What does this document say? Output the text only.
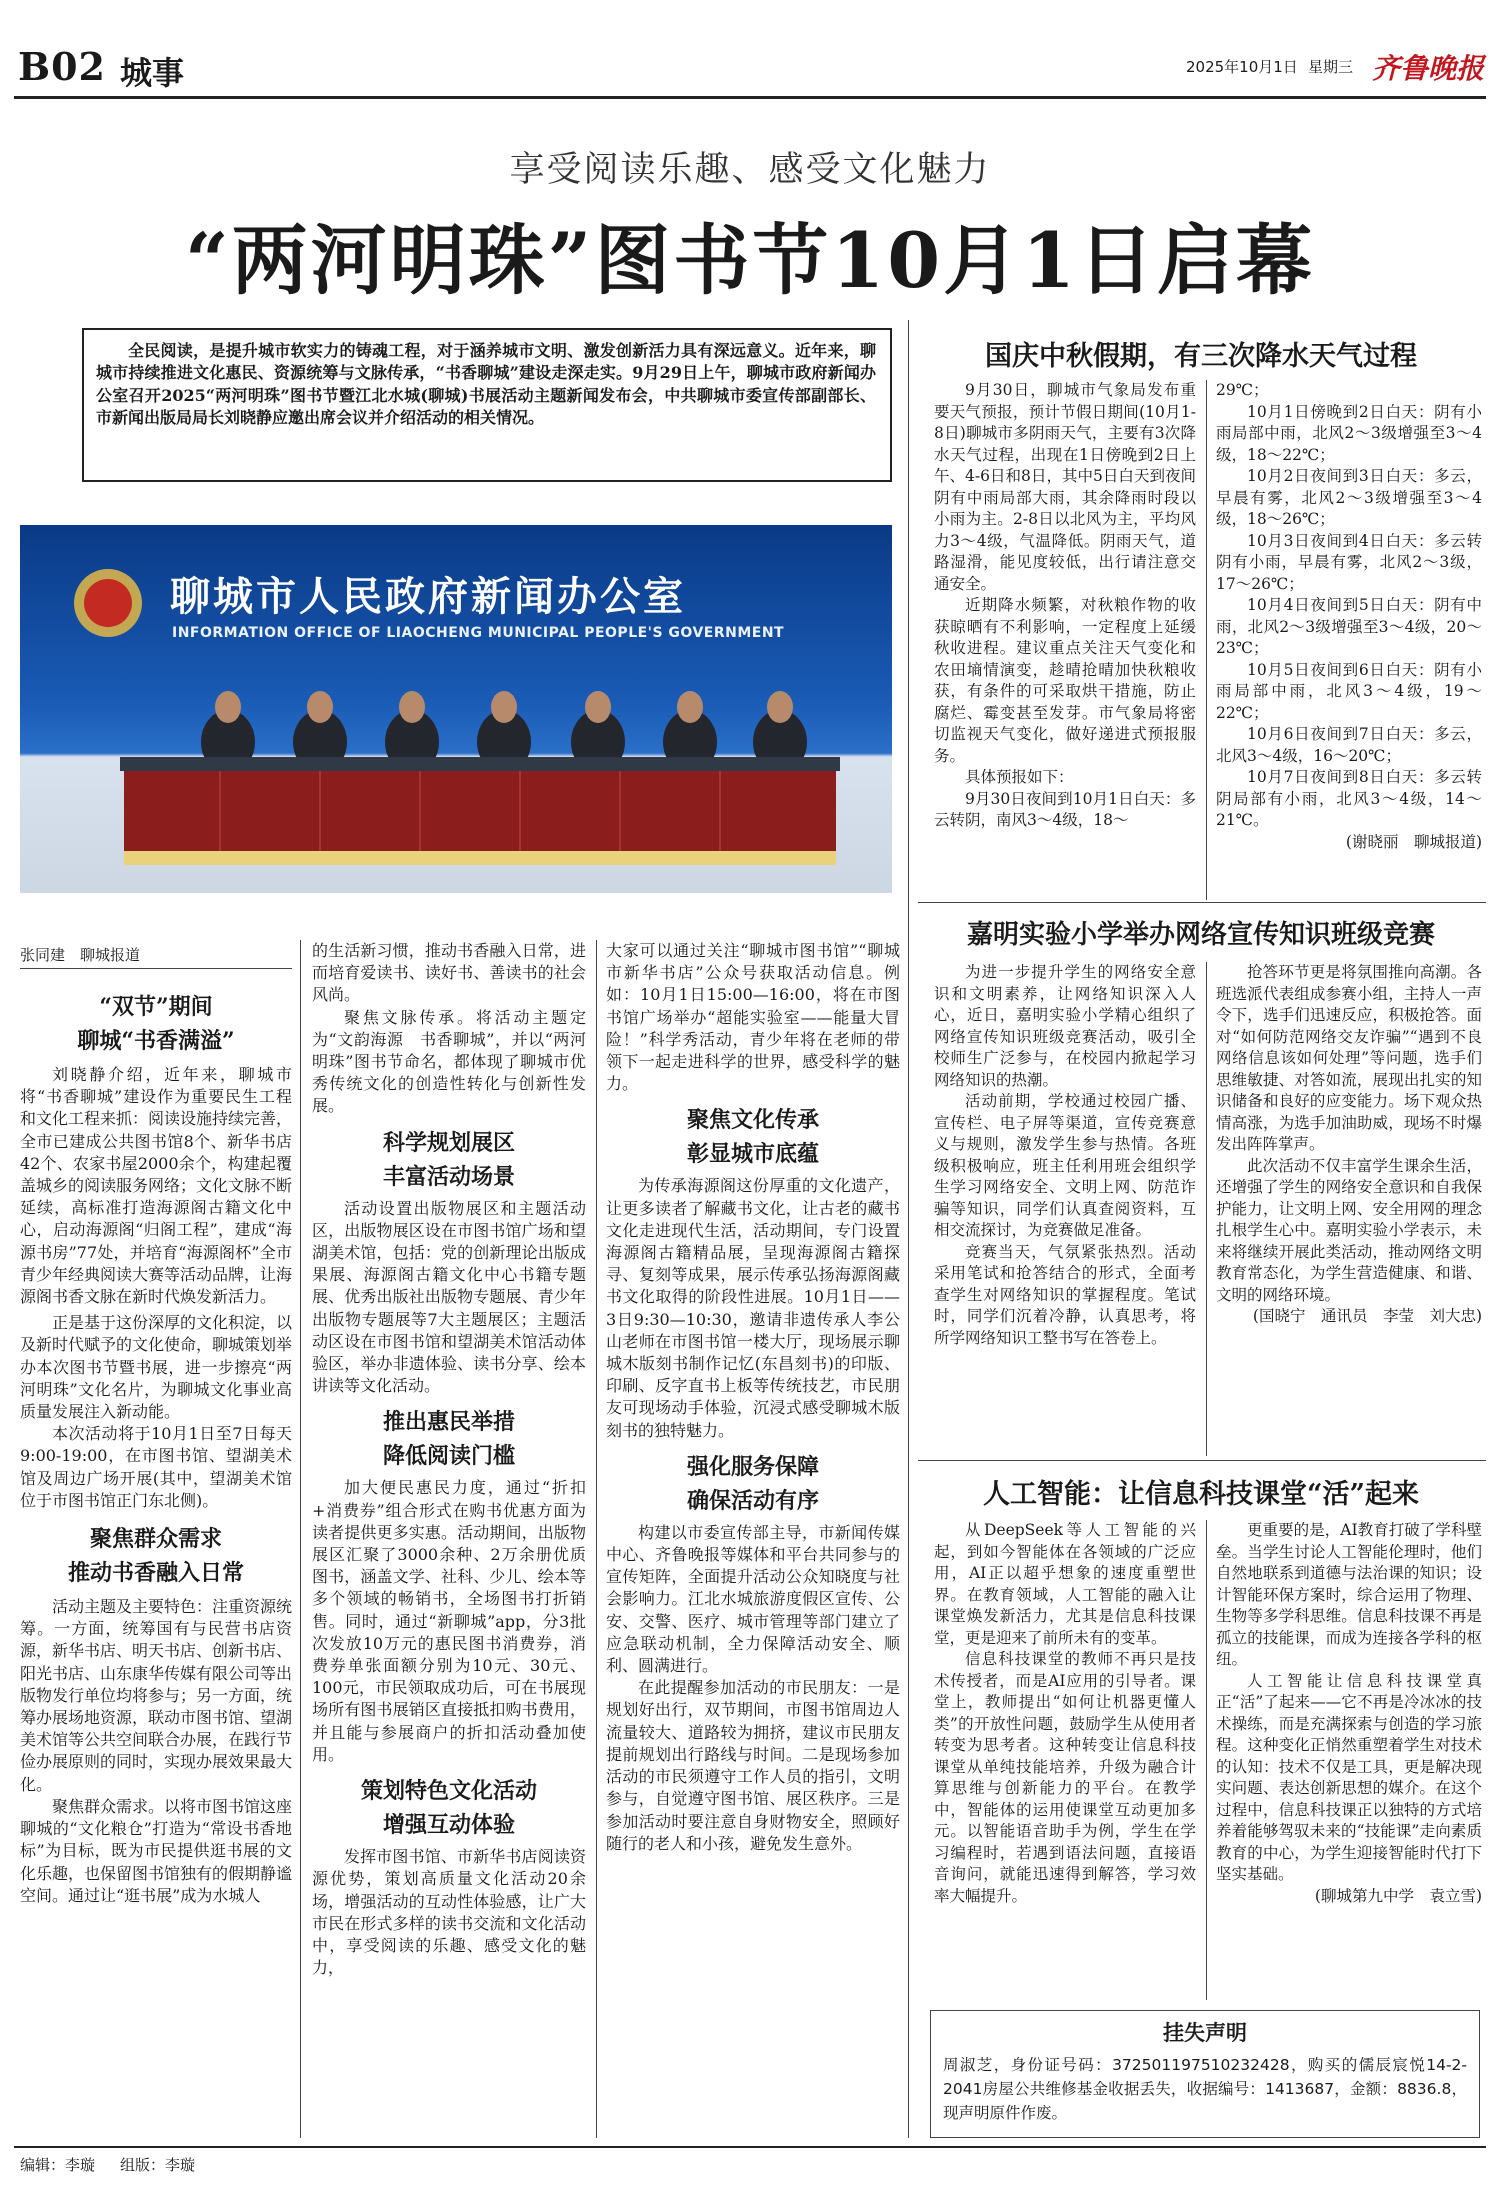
B02 城事	2025年10月1日 星期三 齐鲁晚报
享受阅读乐趣、感受文化魅力
“两河明珠”图书节10月1日启幕
全民阅读，是提升城市软实力的铸魂工程，对于涵养城市文明、激发创新活力具有深远意义。近年来，聊城市持续推进文化惠民、资源统筹与文脉传承，“书香聊城”建设走深走实。9月29日上午，聊城市政府新闻办公室召开2025“两河明珠”图书节暨江北水城(聊城)书展活动主题新闻发布会，中共聊城市委宣传部副部长、市新闻出版局局长刘晓静应邀出席会议并介绍活动的相关情况。
聊城市人民政府新闻办公室
INFORMATION OFFICE OF LIAOCHENG MUNICIPAL PEOPLE'S GOVERNMENT
张同建　聊城报道
“双节”期间
聊城“书香满溢”

刘晓静介绍，近年来，聊城市将“书香聊城”建设作为重要民生工程和文化工程来抓：阅读设施持续完善，全市已建成公共图书馆8个、新华书店42个、农家书屋2000余个，构建起覆盖城乡的阅读服务网络；文化文脉不断延续，高标准打造海源阁古籍文化中心，启动海源阁“归阁工程”，建成“海源书房”77处，并培育“海源阁杯”全市青少年经典阅读大赛等活动品牌，让海源阁书香文脉在新时代焕发新活力。

正是基于这份深厚的文化积淀，以及新时代赋予的文化使命，聊城策划举办本次图书节暨书展，进一步擦亮“两河明珠”文化名片，为聊城文化事业高质量发展注入新动能。

本次活动将于10月1日至7日每天9:00-19:00，在市图书馆、望湖美术馆及周边广场开展(其中，望湖美术馆位于市图书馆正门东北侧)。

聚焦群众需求
推动书香融入日常

活动主题及主要特色：注重资源统筹。一方面，统筹国有与民营书店资源，新华书店、明天书店、创新书店、阳光书店、山东康华传媒有限公司等出版物发行单位均将参与；另一方面，统筹办展场地资源，联动市图书馆、望湖美术馆等公共空间联合办展，在践行节俭办展原则的同时，实现办展效果最大化。

聚焦群众需求。以将市图书馆这座聊城的“文化粮仓”打造为“常设书香地标”为目标，既为市民提供逛书展的文化乐趣，也保留图书馆独有的假期静谧空间。通过让“逛书展”成为水城人

的生活新习惯，推动书香融入日常，进而培育爱读书、读好书、善读书的社会风尚。

聚焦文脉传承。将活动主题定为“文韵海源　书香聊城”，并以“两河明珠”图书节命名，都体现了聊城市优秀传统文化的创造性转化与创新性发展。

科学规划展区
丰富活动场景

活动设置出版物展区和主题活动区，出版物展区设在市图书馆广场和望湖美术馆，包括：党的创新理论出版成果展、海源阁古籍文化中心书籍专题展、优秀出版社出版物专题展、青少年出版物专题展等7大主题展区；主题活动区设在市图书馆和望湖美术馆活动体验区，举办非遗体验、读书分享、绘本讲读等文化活动。

推出惠民举措
降低阅读门槛

加大便民惠民力度，通过“折扣+消费券”组合形式在购书优惠方面为读者提供更多实惠。活动期间，出版物展区汇聚了3000余种、2万余册优质图书，涵盖文学、社科、少儿、绘本等多个领域的畅销书，全场图书打折销售。同时，通过“新聊城”app，分3批次发放10万元的惠民图书消费券，消费券单张面额分别为10元、30元、100元，市民领取成功后，可在书展现场所有图书展销区直接抵扣购书费用，并且能与参展商户的折扣活动叠加使用。

策划特色文化活动
增强互动体验

发挥市图书馆、市新华书店阅读资源优势，策划高质量文化活动20余场，增强活动的互动性体验感，让广大市民在形式多样的读书交流和文化活动中，享受阅读的乐趣、感受文化的魅力，

大家可以通过关注“聊城市图书馆”“聊城市新华书店”公众号获取活动信息。例如：10月1日15:00—16:00，将在市图书馆广场举办“超能实验室——能量大冒险！”科学秀活动，青少年将在老师的带领下一起走进科学的世界，感受科学的魅力。

聚焦文化传承
彰显城市底蕴

为传承海源阁这份厚重的文化遗产，让更多读者了解藏书文化，让古老的藏书文化走进现代生活，活动期间，专门设置海源阁古籍精品展，呈现海源阁古籍探寻、复刻等成果，展示传承弘扬海源阁藏书文化取得的阶段性进展。10月1日——3日9:30—10:30，邀请非遗传承人李公山老师在市图书馆一楼大厅，现场展示聊城木版刻书制作记忆(东昌刻书)的印版、印刷、反字直书上板等传统技艺，市民朋友可现场动手体验，沉浸式感受聊城木版刻书的独特魅力。

强化服务保障
确保活动有序

构建以市委宣传部主导，市新闻传媒中心、齐鲁晚报等媒体和平台共同参与的宣传矩阵，全面提升活动公众知晓度与社会影响力。江北水城旅游度假区宣传、公安、交警、医疗、城市管理等部门建立了应急联动机制，全力保障活动安全、顺利、圆满进行。

在此提醒参加活动的市民朋友：一是规划好出行，双节期间，市图书馆周边人流量较大、道路较为拥挤，建议市民朋友提前规划出行路线与时间。二是现场参加活动的市民须遵守工作人员的指引，文明参与，自觉遵守图书馆、展区秩序。三是参加活动时要注意自身财物安全，照顾好随行的老人和小孩，避免发生意外。

国庆中秋假期，有三次降水天气过程

9月30日，聊城市气象局发布重要天气预报，预计节假日期间(10月1-8日)聊城市多阴雨天气，主要有3次降水天气过程，出现在1日傍晚到2日上午、4-6日和8日，其中5日白天到夜间阴有中雨局部大雨，其余降雨时段以小雨为主。2-8日以北风为主，平均风力3～4级，气温降低。阴雨天气，道路湿滑，能见度较低，出行请注意交通安全。

近期降水频繁，对秋粮作物的收获晾晒有不利影响，一定程度上延缓秋收进程。建议重点关注天气变化和农田墒情演变，趁晴抢晴加快秋粮收获，有条件的可采取烘干措施，防止腐烂、霉变甚至发芽。市气象局将密切监视天气变化，做好递进式预报服务。

具体预报如下：

9月30日夜间到10月1日白天：多云转阴，南风3～4级，18～

29℃；

10月1日傍晚到2日白天：阴有小雨局部中雨，北风2～3级增强至3～4级，18～22℃；

10月2日夜间到3日白天：多云，早晨有雾，北风2～3级增强至3～4级，18～26℃；

10月3日夜间到4日白天：多云转阴有小雨，早晨有雾，北风2～3级，17～26℃；

10月4日夜间到5日白天：阴有中雨，北风2～3级增强至3～4级，20～23℃；

10月5日夜间到6日白天：阴有小雨局部中雨，北风3～4级，19～22℃；

10月6日夜间到7日白天：多云，北风3～4级，16～20℃；

10月7日夜间到8日白天：多云转阴局部有小雨，北风3～4级，14～21℃。

(谢晓丽　聊城报道)

嘉明实验小学举办网络宣传知识班级竞赛

为进一步提升学生的网络安全意识和文明素养，让网络知识深入人心，近日，嘉明实验小学精心组织了网络宣传知识班级竞赛活动，吸引全校师生广泛参与，在校园内掀起学习网络知识的热潮。

活动前期，学校通过校园广播、宣传栏、电子屏等渠道，宣传竞赛意义与规则，激发学生参与热情。各班级积极响应，班主任利用班会组织学生学习网络安全、文明上网、防范诈骗等知识，同学们认真查阅资料，互相交流探讨，为竞赛做足准备。

竞赛当天，气氛紧张热烈。活动采用笔试和抢答结合的形式，全面考查学生对网络知识的掌握程度。笔试时，同学们沉着冷静，认真思考，将所学网络知识工整书写在答卷上。

抢答环节更是将氛围推向高潮。各班选派代表组成参赛小组，主持人一声令下，选手们迅速反应，积极抢答。面对“如何防范网络交友诈骗”“遇到不良网络信息该如何处理”等问题，选手们思维敏捷、对答如流，展现出扎实的知识储备和良好的应变能力。场下观众热情高涨，为选手加油助威，现场不时爆发出阵阵掌声。

此次活动不仅丰富学生课余生活，还增强了学生的网络安全意识和自我保护能力，让文明上网、安全用网的理念扎根学生心中。嘉明实验小学表示，未来将继续开展此类活动，推动网络文明教育常态化，为学生营造健康、和谐、文明的网络环境。

(国晓宁　通讯员　李莹　刘大忠)

人工智能：让信息科技课堂“活”起来

从DeepSeek等人工智能的兴起，到如今智能体在各领域的广泛应用，AI正以超乎想象的速度重塑世界。在教育领域，人工智能的融入让课堂焕发新活力，尤其是信息科技课堂，更是迎来了前所未有的变革。

信息科技课堂的教师不再只是技术传授者，而是AI应用的引导者。课堂上，教师提出“如何让机器更懂人类”的开放性问题，鼓励学生从使用者转变为思考者。这种转变让信息科技课堂从单纯技能培养，升级为融合计算思维与创新能力的平台。在教学中，智能体的运用使课堂互动更加多元。以智能语音助手为例，学生在学习编程时，若遇到语法问题，直接语音询问，就能迅速得到解答，学习效率大幅提升。

更重要的是，AI教育打破了学科壁垒。当学生讨论人工智能伦理时，他们自然地联系到道德与法治课的知识；设计智能环保方案时，综合运用了物理、生物等多学科思维。信息科技课不再是孤立的技能课，而成为连接各学科的枢纽。

人工智能让信息科技课堂真正“活”了起来——它不再是冷冰冰的技术操练，而是充满探索与创造的学习旅程。这种变化正悄然重塑着学生对技术的认知：技术不仅是工具，更是解决现实问题、表达创新思想的媒介。在这个过程中，信息科技课正以独特的方式培养着能够驾驭未来的“技能课”走向素质教育的中心，为学生迎接智能时代打下坚实基础。

(聊城第九中学　袁立雪)

挂失声明
周淑芝，身份证号码：372501197510232428，购买的儒辰宸悦14-2-2041房屋公共维修基金收据丢失，收据编号：1413687，金额：8836.8，现声明原件作废。
编辑：李璇 组版：李璇
